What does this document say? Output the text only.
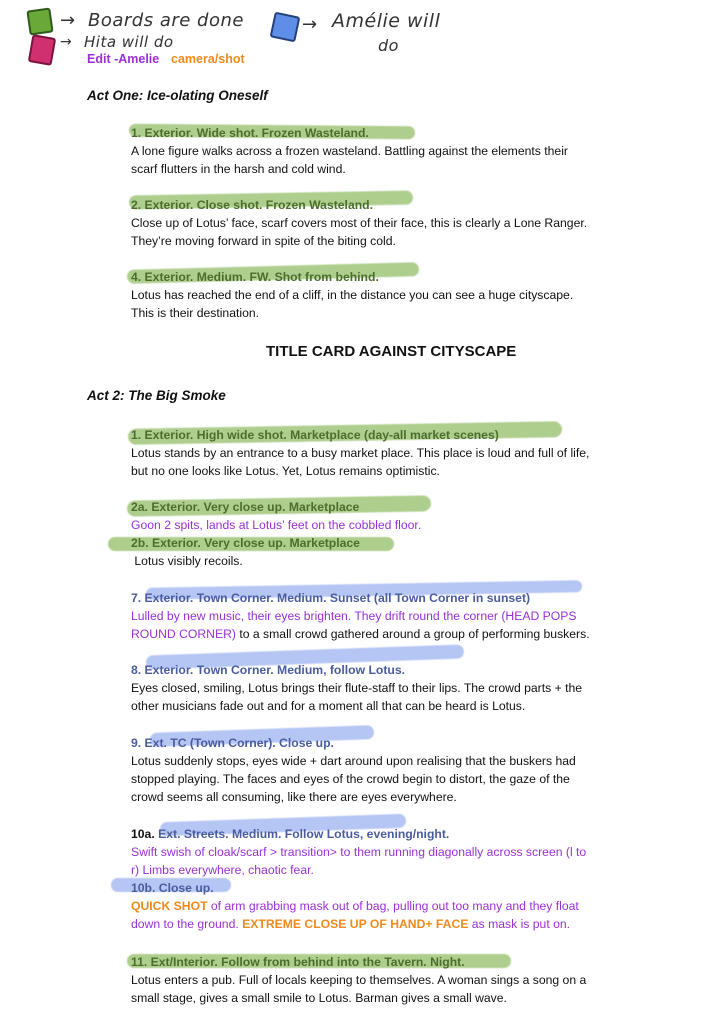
→ Boards are done
→ Hita will do
→ Amélie will
do
Edit -Amelie camera/shot
Act One: Ice-olating Oneself
1. Exterior. Wide shot. Frozen Wasteland.
A lone figure walks across a frozen wasteland. Battling against the elements their
scarf flutters in the harsh and cold wind.
2. Exterior. Close shot. Frozen Wasteland.
Close up of Lotus’ face, scarf covers most of their face, this is clearly a Lone Ranger.
They’re moving forward in spite of the biting cold.
4. Exterior. Medium. FW. Shot from behind.
Lotus has reached the end of a cliff, in the distance you can see a huge cityscape.
This is their destination.
TITLE CARD AGAINST CITYSCAPE
Act 2: The Big Smoke
1. Exterior. High wide shot. Marketplace (day-all market scenes)
Lotus stands by an entrance to a busy market place. This place is loud and full of life,
but no one looks like Lotus. Yet, Lotus remains optimistic.
2a. Exterior. Very close up. Marketplace
Goon 2 spits, lands at Lotus’ feet on the cobbled floor.
2b. Exterior. Very close up. Marketplace
Lotus visibly recoils.
7. Exterior. Town Corner. Medium. Sunset (all Town Corner in sunset)
Lulled by new music, their eyes brighten. They drift round the corner (HEAD POPS
ROUND CORNER) to a small crowd gathered around a group of performing buskers.
8. Exterior. Town Corner. Medium, follow Lotus.
Eyes closed, smiling, Lotus brings their flute-staff to their lips. The crowd parts + the
other musicians fade out and for a moment all that can be heard is Lotus.
9. Ext. TC (Town Corner). Close up.
Lotus suddenly stops, eyes wide + dart around upon realising that the buskers had
stopped playing. The faces and eyes of the crowd begin to distort, the gaze of the
crowd seems all consuming, like there are eyes everywhere.
10a. Ext. Streets. Medium. Follow Lotus, evening/night.
Swift swish of cloak/scarf > transition> to them running diagonally across screen (l to
r) Limbs everywhere, chaotic fear.
10b. Close up.
QUICK SHOT of arm grabbing mask out of bag, pulling out too many and they float
down to the ground. EXTREME CLOSE UP OF HAND+ FACE as mask is put on.
11. Ext/Interior. Follow from behind into the Tavern. Night.
Lotus enters a pub. Full of locals keeping to themselves. A woman sings a song on a
small stage, gives a small smile to Lotus. Barman gives a small wave.
